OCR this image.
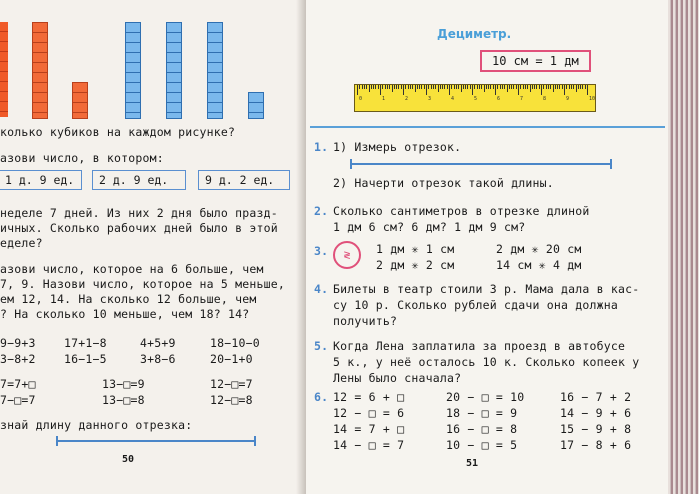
колько кубиков на каждом рисунке?
азови число, в котором:
1 д. 9 ед.	2 д. 9 ед.	9 д. 2 ед.
неделе 7 дней. Из них 2 дня было празд-
ичных. Сколько рабочих дней было в этой
еделе?
азови число, которое на 6 больше, чем
7, 9. Назови число, которое на 5 меньше,
ем 12, 14. На сколько 12 больше, чем
? На сколько 10 меньше, чем 18? 14?
9−9+3 17+1−8	4+5+9	18−10−0
3−8+2 16−1−5	3+8−6	20−1+0
7=7+□	13−□=9	12−□=7
7−□=7	13−□=8	12−□=8
знай длину данного отрезка:
50
Дециметр.
10 см = 1 дм
0	1	2	3	4	5	6	7	8	9	10
1. 1) Измерь отрезок.
2) Начерти отрезок такой длины.
2. Сколько сантиметров в отрезке длиной
1 дм 6 см? 6 дм? 1 дм 9 см?
3.	≷	1 дм ✳ 1 см	2 дм ✳ 20 см
2 дм ✳ 2 см	14 см ✳ 4 дм
4. Билеты в театр стоили 3 р. Мама дала в кас-
су 10 р. Сколько рублей сдачи она должна
получить?
5. Когда Лена заплатила за проезд в автобусе
5 к., у неё осталось 10 к. Сколько копеек у
Лены было сначала?
6. 12 = 6 + □	20 − □ = 10	16 − 7 + 2
12 − □ = 6	18 − □ = 9	14 − 9 + 6
14 = 7 + □	16 − □ = 8	15 − 9 + 8
14 − □ = 7	10 − □ = 5	17 − 8 + 6
51
